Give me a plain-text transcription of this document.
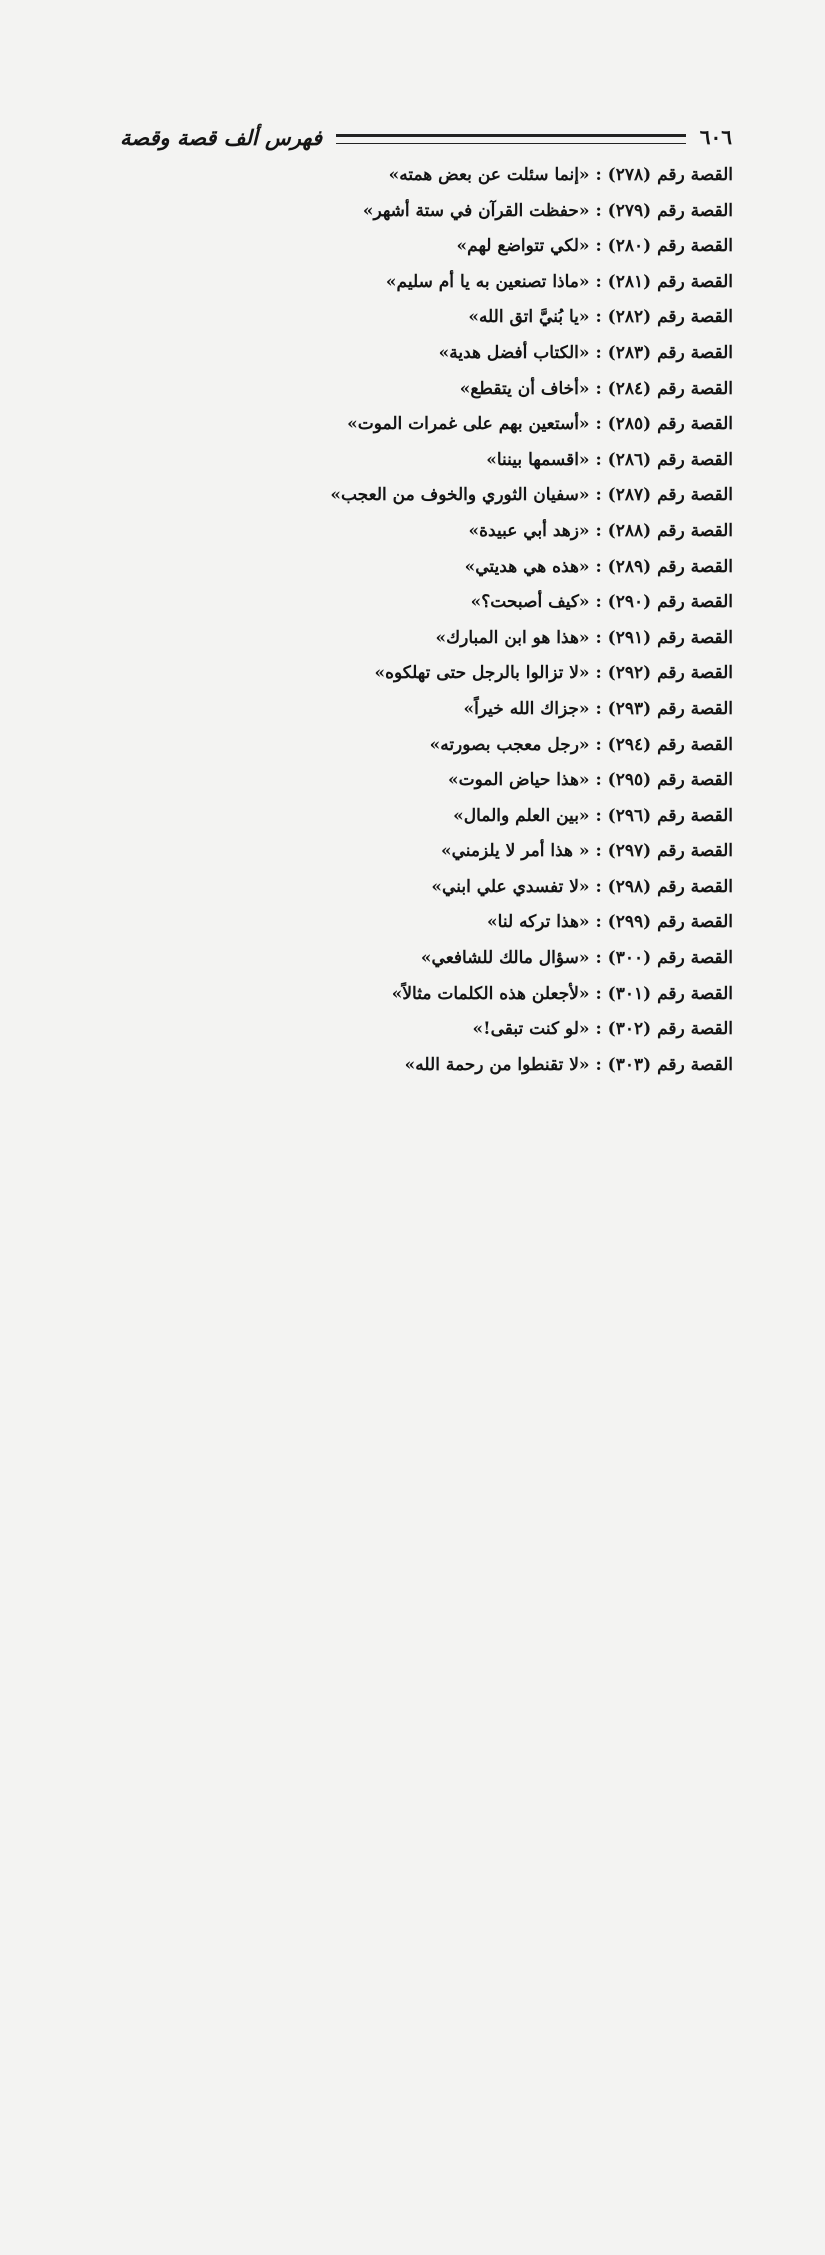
٦٠٦
فهرس ألف قصة وقصة
القصة رقم (٢٧٨) : «إنما سئلت عن بعض همته»
القصة رقم (٢٧٩) : «حفظت القرآن في ستة أشهر»
القصة رقم (٢٨٠) : «لكي تتواضع لهم»
القصة رقم (٢٨١) : «ماذا تصنعين به يا أم سليم»
القصة رقم (٢٨٢) : «يا بُنيَّ اتق الله»
القصة رقم (٢٨٣) : «الكتاب أفضل هدية»
القصة رقم (٢٨٤) : «أخاف أن يتقطع»
القصة رقم (٢٨٥) : «أستعين بهم على غمرات الموت»
القصة رقم (٢٨٦) : «اقسمها بيننا»
القصة رقم (٢٨٧) : «سفيان الثوري والخوف من العجب»
القصة رقم (٢٨٨) : «زهد أبي عبيدة»
القصة رقم (٢٨٩) : «هذه هي هديتي»
القصة رقم (٢٩٠) : «كيف أصبحت؟»
القصة رقم (٢٩١) : «هذا هو ابن المبارك»
القصة رقم (٢٩٢) : «لا تزالوا بالرجل حتى تهلكوه»
القصة رقم (٢٩٣) : «جزاك الله خيراً»
القصة رقم (٢٩٤) : «رجل معجب بصورته»
القصة رقم (٢٩٥) : «هذا حياض الموت»
القصة رقم (٢٩٦) : «بين العلم والمال»
القصة رقم (٢٩٧) : « هذا أمر لا يلزمني»
القصة رقم (٢٩٨) : «لا تفسدي علي ابني»
القصة رقم (٢٩٩) : «هذا تركه لنا»
القصة رقم (٣٠٠) : «سؤال مالك للشافعي»
القصة رقم (٣٠١) : «لأجعلن هذه الكلمات مثالاً»
القصة رقم (٣٠٢) : «لو كنت تبقى!»
القصة رقم (٣٠٣) : «لا تقنطوا من رحمة الله»
